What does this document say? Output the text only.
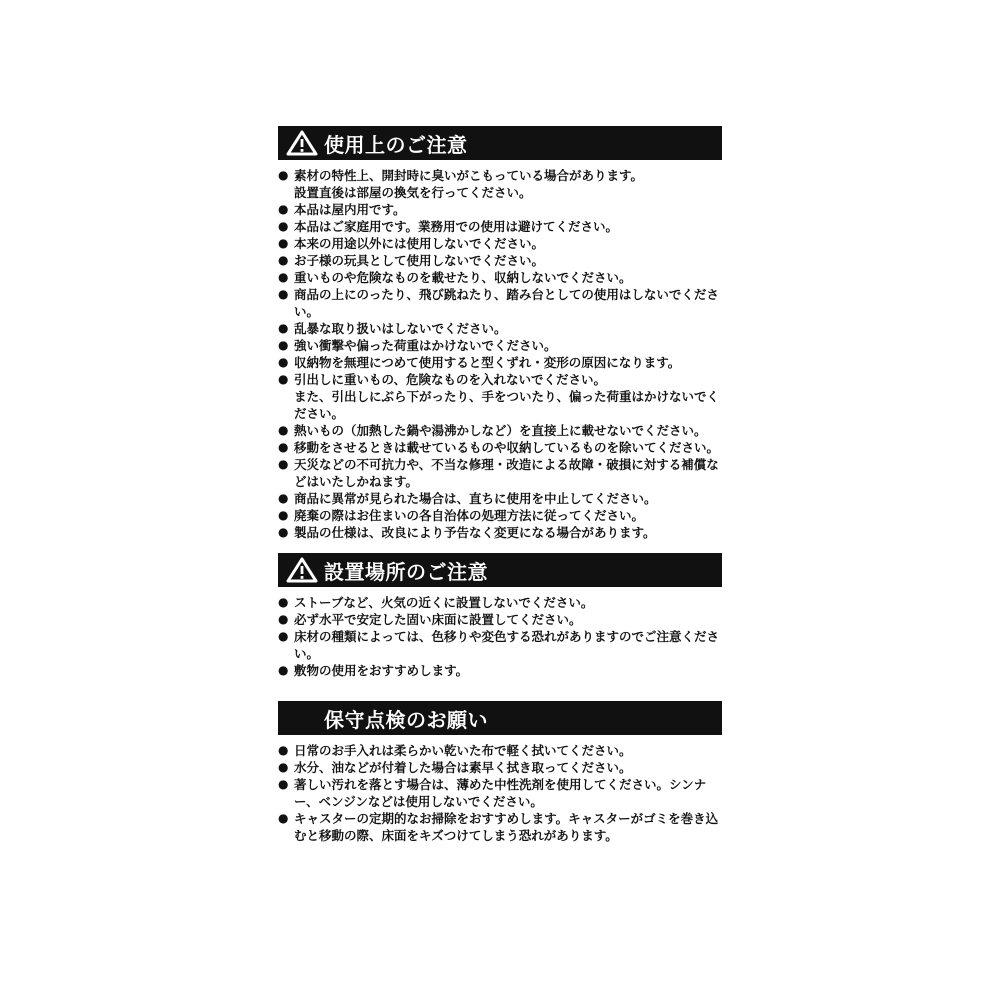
使用上のご注意
● 素材の特性上、開封時に臭いがこもっている場合があります。
設置直後は部屋の換気を行ってください。
● 本品は屋内用です。
● 本品はご家庭用です。業務用での使用は避けてください。
● 本来の用途以外には使用しないでください。
● お子様の玩具として使用しないでください。
● 重いものや危険なものを載せたり、収納しないでください。
● 商品の上にのったり、飛び跳ねたり、踏み台としての使用はしないでください。
● 乱暴な取り扱いはしないでください。
● 強い衝撃や偏った荷重はかけないでください。
● 収納物を無理につめて使用すると型くずれ・変形の原因になります。
● 引出しに重いもの、危険なものを入れないでください。
また、引出しにぶら下がったり、手をついたり、偏った荷重はかけないでください。
● 熱いもの（加熱した鍋や湯沸かしなど）を直接上に載せないでください。
● 移動をさせるときは載せているものや収納しているものを除いてください。
● 天災などの不可抗力や、不当な修理・改造による故障・破損に対する補償などはいたしかねます。
● 商品に異常が見られた場合は、直ちに使用を中止してください。
● 廃棄の際はお住まいの各自治体の処理方法に従ってください。
● 製品の仕様は、改良により予告なく変更になる場合があります。
設置場所のご注意
● ストーブなど、火気の近くに設置しないでください。
● 必ず水平で安定した固い床面に設置してください。
● 床材の種類によっては、色移りや変色する恐れがありますのでご注意ください。
● 敷物の使用をおすすめします。
保守点検のお願い
● 日常のお手入れは柔らかい乾いた布で軽く拭いてください。
● 水分、油などが付着した場合は素早く拭き取ってください。
● 著しい汚れを落とす場合は、薄めた中性洗剤を使用してください。シンナー、ベンジンなどは使用しないでください。
● キャスターの定期的なお掃除をおすすめします。キャスターがゴミを巻き込むと移動の際、床面をキズつけてしまう恐れがあります。
